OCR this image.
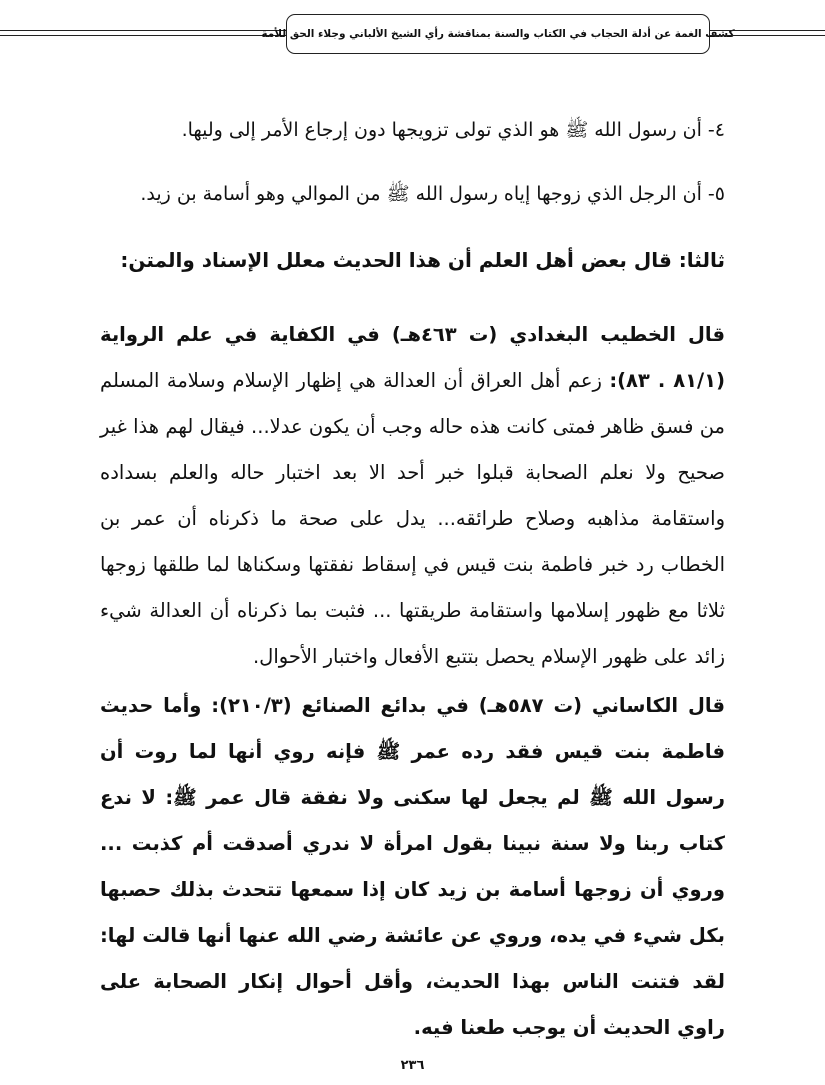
كشف الغمة عن أدلة الحجاب في الكتاب والسنة بمناقشة رأي الشيخ الألباني وجلاء الحق للأمة
٤- أن رسول الله ﷺ هو الذي تولى تزويجها دون إرجاع الأمر إلى وليها.
٥- أن الرجل الذي زوجها إياه رسول الله ﷺ من الموالي وهو أسامة بن زيد.
ثالثا: قال بعض أهل العلم أن هذا الحديث معلل الإسناد والمتن:
قال الخطيب البغدادي (ت ٤٦٣هـ) في الكفاية في علم الرواية (٨١/١ . ٨٣): زعم أهل العراق أن العدالة هي إظهار الإسلام وسلامة المسلم من فسق ظاهر فمتى كانت هذه حاله وجب أن يكون عدلا... فيقال لهم هذا غير صحيح ولا نعلم الصحابة قبلوا خبر أحد الا بعد اختبار حاله والعلم بسداده واستقامة مذاهبه وصلاح طرائقه... يدل على صحة ما ذكرناه أن عمر بن الخطاب رد خبر فاطمة بنت قيس في إسقاط نفقتها وسكناها لما طلقها زوجها ثلاثا مع ظهور إسلامها واستقامة طريقتها ... فثبت بما ذكرناه أن العدالة شيء زائد على ظهور الإسلام يحصل بتتبع الأفعال واختبار الأحوال.
قال الكاساني (ت ٥٨٧هـ) في بدائع الصنائع (٢١٠/٣): وأما حديث فاطمة بنت قيس فقد رده عمر ﷺ فإنه روي أنها لما روت أن رسول الله ﷺ لم يجعل لها سكنى ولا نفقة قال عمر ﷺ: لا ندع كتاب ربنا ولا سنة نبينا بقول امرأة لا ندري أصدقت أم كذبت ... وروي أن زوجها أسامة بن زيد كان إذا سمعها تتحدث بذلك حصبها بكل شيء في يده، وروي عن عائشة رضي الله عنها أنها قالت لها: لقد فتنت الناس بهذا الحديث، وأقل أحوال إنكار الصحابة على راوي الحديث أن يوجب طعنا فيه.
٢٣٦
